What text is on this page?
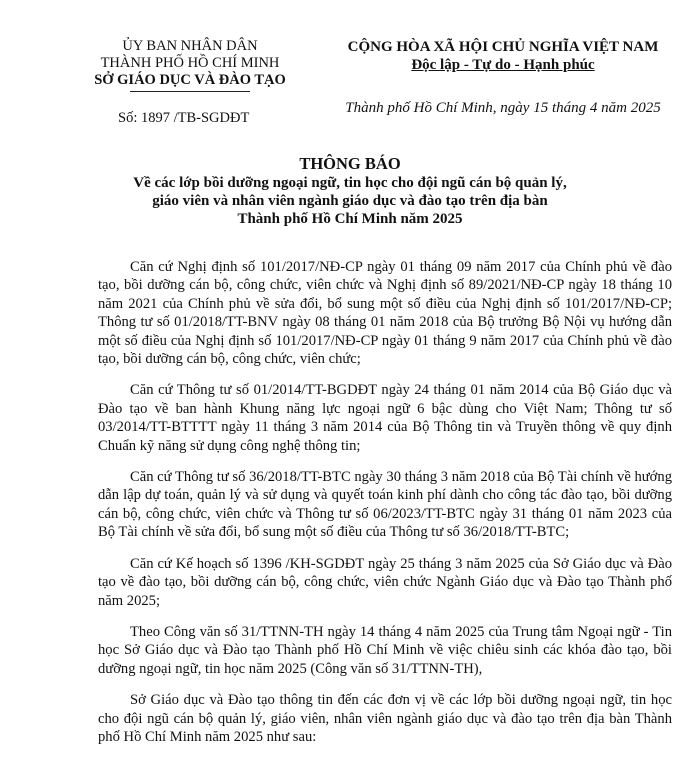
ỦY BAN NHÂN DÂN
THÀNH PHỐ HỒ CHÍ MINH
SỞ GIÁO DỤC VÀ ĐÀO TẠO
CỘNG HÒA XÃ HỘI CHỦ NGHĨA VIỆT NAM
Độc lập - Tự do - Hạnh phúc
Số: 1897 /TB-SGDĐT
Thành phố Hồ Chí Minh, ngày 15 tháng 4 năm 2025
THÔNG BÁO
Về các lớp bồi dưỡng ngoại ngữ, tin học cho đội ngũ cán bộ quản lý,
giáo viên và nhân viên ngành giáo dục và đào tạo trên địa bàn
Thành phố Hồ Chí Minh năm 2025

Căn cứ Nghị định số 101/2017/NĐ-CP ngày 01 tháng 09 năm 2017 của Chính phủ về đào tạo, bồi dưỡng cán bộ, công chức, viên chức và Nghị định số 89/2021/NĐ-CP ngày 18 tháng 10 năm 2021 của Chính phủ về sửa đổi, bổ sung một số điều của Nghị định số 101/2017/NĐ-CP; Thông tư số 01/2018/TT-BNV ngày 08 tháng 01 năm 2018 của Bộ trưởng Bộ Nội vụ hướng dẫn một số điều của Nghị định số 101/2017/NĐ-CP ngày 01 tháng 9 năm 2017 của Chính phủ về đào tạo, bồi dưỡng cán bộ, công chức, viên chức;

Căn cứ Thông tư số 01/2014/TT-BGDĐT ngày 24 tháng 01 năm 2014 của Bộ Giáo dục và Đào tạo về ban hành Khung năng lực ngoại ngữ 6 bậc dùng cho Việt Nam; Thông tư số 03/2014/TT-BTTTT ngày 11 tháng 3 năm 2014 của Bộ Thông tin và Truyền thông về quy định Chuẩn kỹ năng sử dụng công nghệ thông tin;

Căn cứ Thông tư số 36/2018/TT-BTC ngày 30 tháng 3 năm 2018 của Bộ Tài chính về hướng dẫn lập dự toán, quản lý và sử dụng và quyết toán kinh phí dành cho công tác đào tạo, bồi dưỡng cán bộ, công chức, viên chức và Thông tư số 06/2023/TT-BTC ngày 31 tháng 01 năm 2023 của Bộ Tài chính về sửa đổi, bổ sung một số điều của Thông tư số 36/2018/TT-BTC;

Căn cứ Kế hoạch số 1396 /KH-SGDĐT ngày 25 tháng 3 năm 2025 của Sở Giáo dục và Đào tạo về đào tạo, bồi dưỡng cán bộ, công chức, viên chức Ngành Giáo dục và Đào tạo Thành phố năm 2025;

Theo Công văn số 31/TTNN-TH ngày 14 tháng 4 năm 2025 của Trung tâm Ngoại ngữ - Tin học Sở Giáo dục và Đào tạo Thành phố Hồ Chí Minh về việc chiêu sinh các khóa đào tạo, bồi dưỡng ngoại ngữ, tin học năm 2025 (Công văn số 31/TTNN-TH),

Sở Giáo dục và Đào tạo thông tin đến các đơn vị về các lớp bồi dưỡng ngoại ngữ, tin học cho đội ngũ cán bộ quản lý, giáo viên, nhân viên ngành giáo dục và đào tạo trên địa bàn Thành phố Hồ Chí Minh năm 2025 như sau:
